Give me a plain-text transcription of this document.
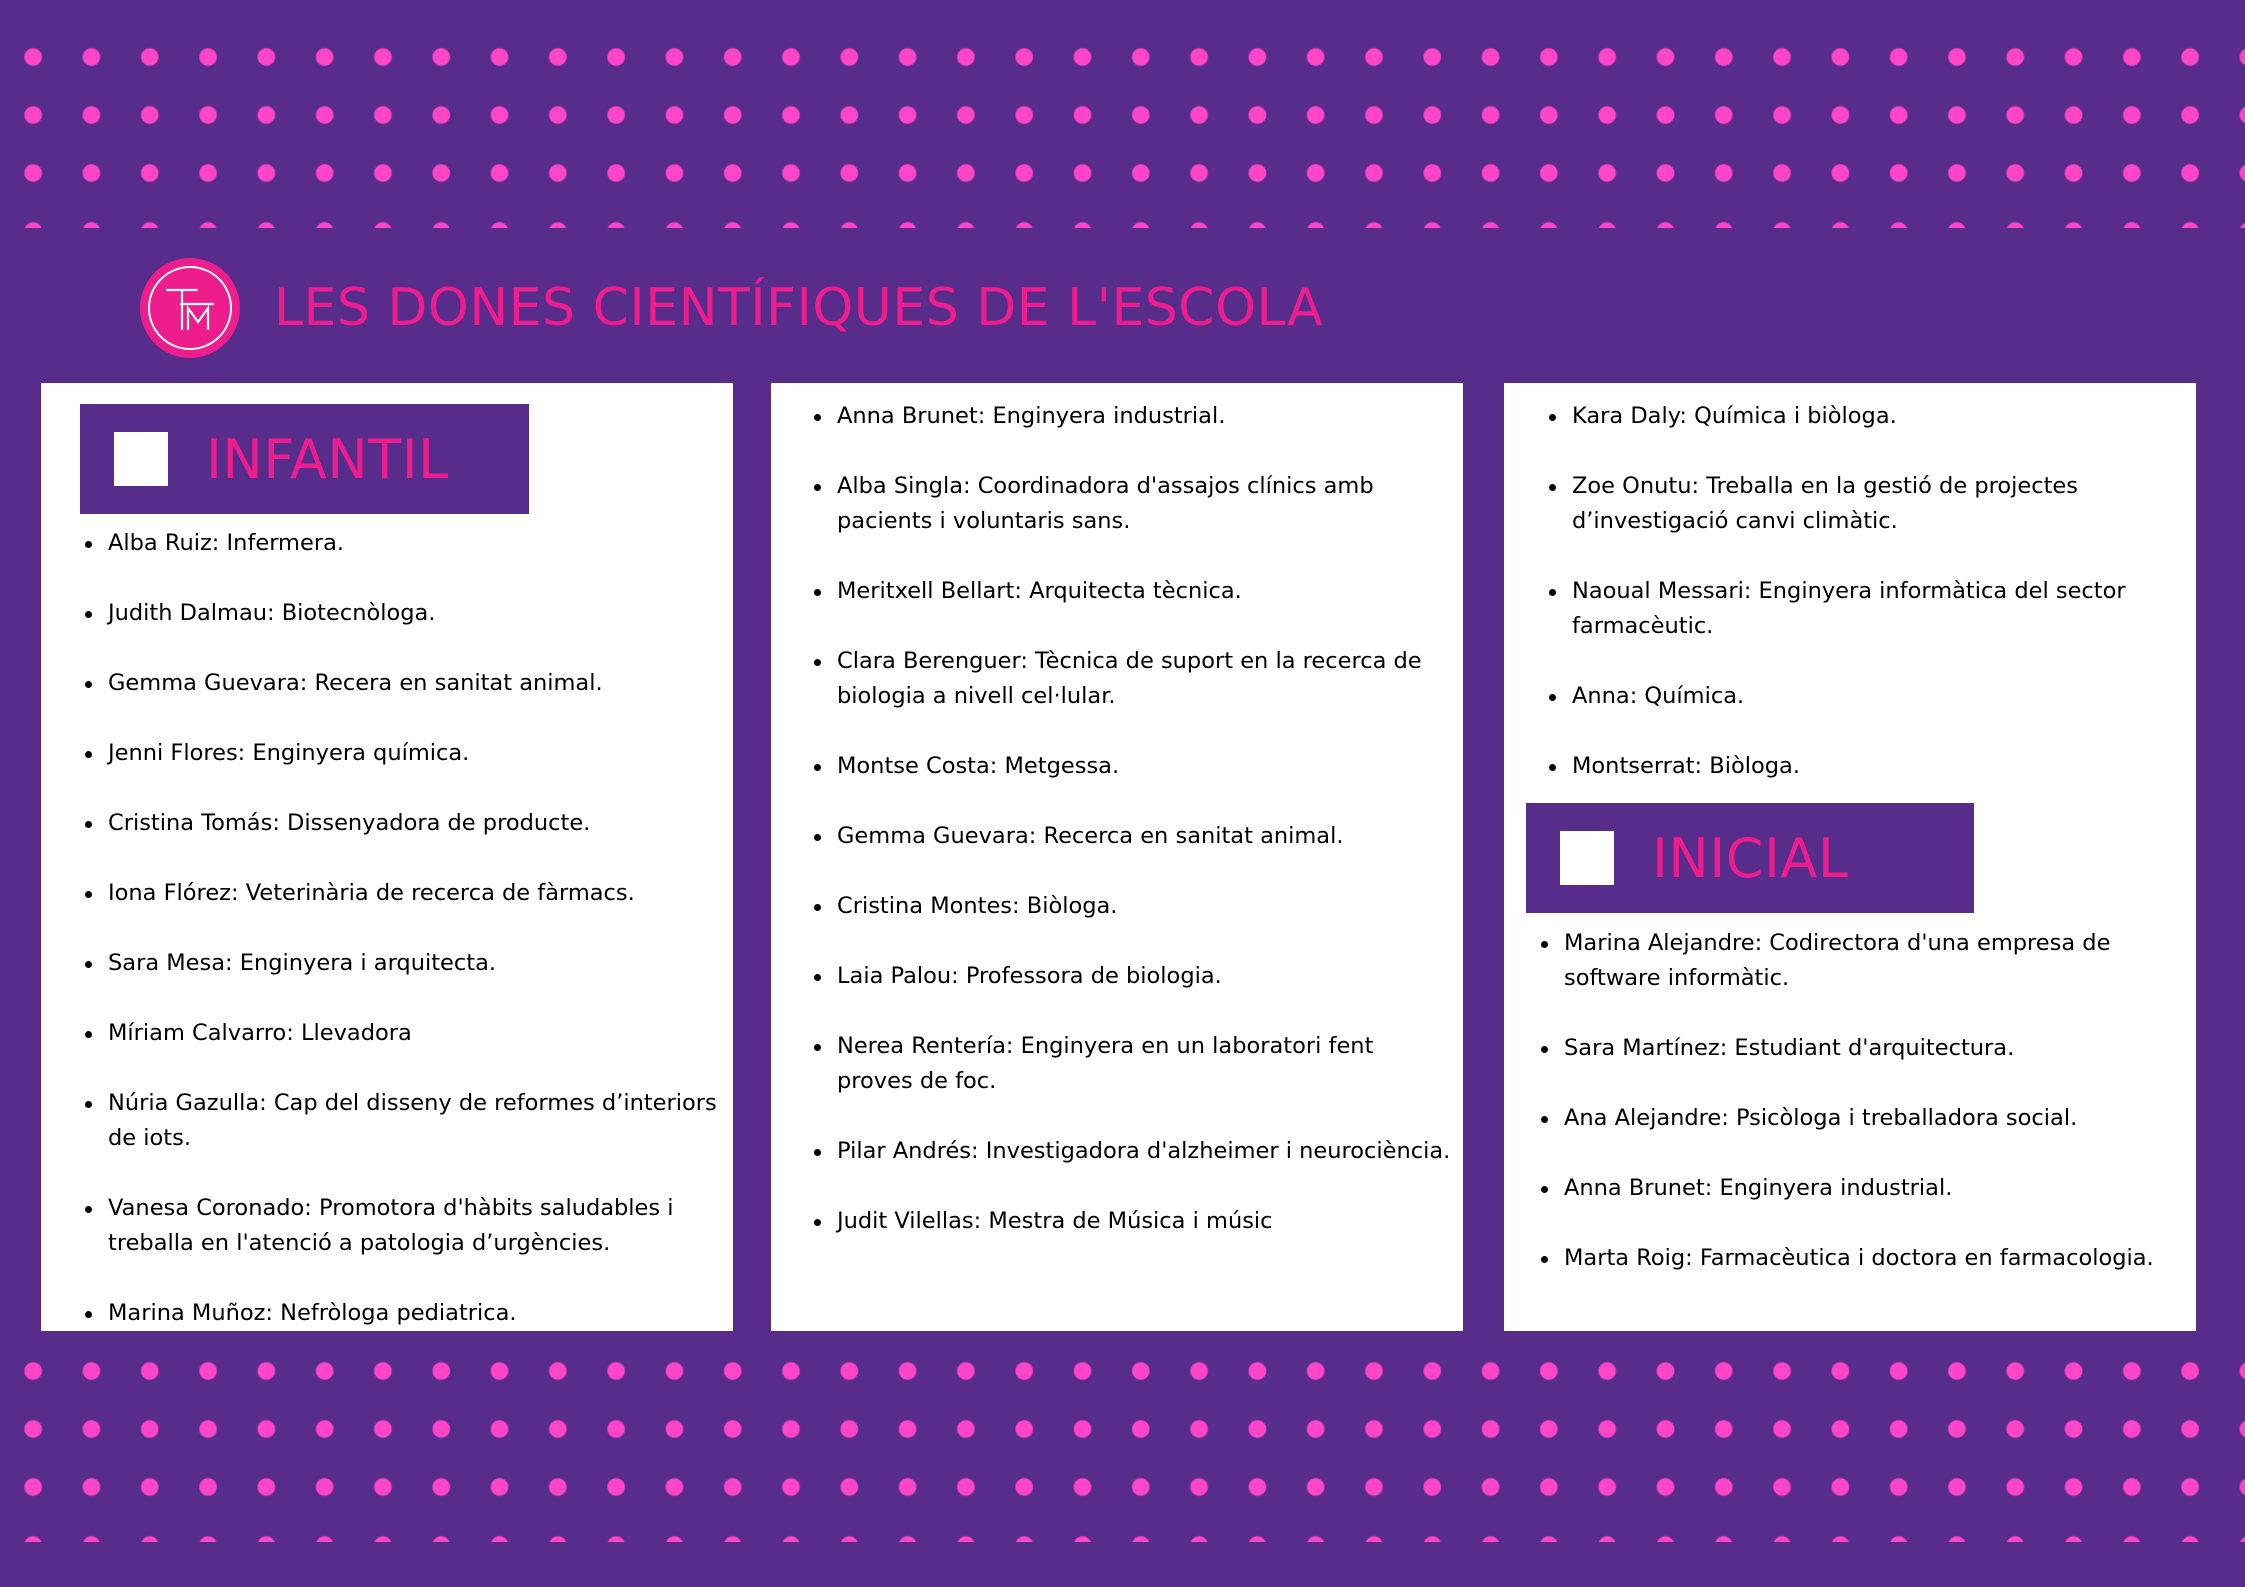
LES DONES CIENTÍFIQUES DE L'ESCOLA
INFANTIL
Alba Ruiz: Infermera.
Judith Dalmau: Biotecnòloga.
Gemma Guevara: Recera en sanitat animal.
Jenni Flores: Enginyera química.
Cristina Tomás: Dissenyadora de producte.
Iona Flórez: Veterinària de recerca de fàrmacs.
Sara Mesa: Enginyera i arquitecta.
Míriam Calvarro: Llevadora
Núria Gazulla: Cap del disseny de reformes d’interiors de iots.
Vanesa Coronado: Promotora d'hàbits saludables i treballa en l'atenció a patologia d’urgències.
Marina Muñoz: Nefròloga pediatrica.
Anna Brunet: Enginyera industrial.
Alba Singla: Coordinadora d'assajos clínics amb pacients i voluntaris sans.
Meritxell Bellart: Arquitecta tècnica.
Clara Berenguer: Tècnica de suport en la recerca de biologia a nivell cel·lular.
Montse Costa: Metgessa.
Gemma Guevara: Recerca en sanitat animal.
Cristina Montes: Biòloga.
Laia Palou: Professora de biologia.
Nerea Rentería: Enginyera en un laboratori fent proves de foc.
Pilar Andrés: Investigadora d'alzheimer i neurociència.
Judit Vilellas: Mestra de Música i músic
Kara Daly: Química i biòloga.
Zoe Onutu: Treballa en la gestió de projectes d’investigació canvi climàtic.
Naoual Messari: Enginyera informàtica del sector farmacèutic.
Anna: Química.
Montserrat: Biòloga.
INICIAL
Marina Alejandre: Codirectora d'una empresa de software informàtic.
Sara Martínez: Estudiant d'arquitectura.
Ana Alejandre: Psicòloga i treballadora social.
Anna Brunet: Enginyera industrial.
Marta Roig: Farmacèutica i doctora en farmacologia.
